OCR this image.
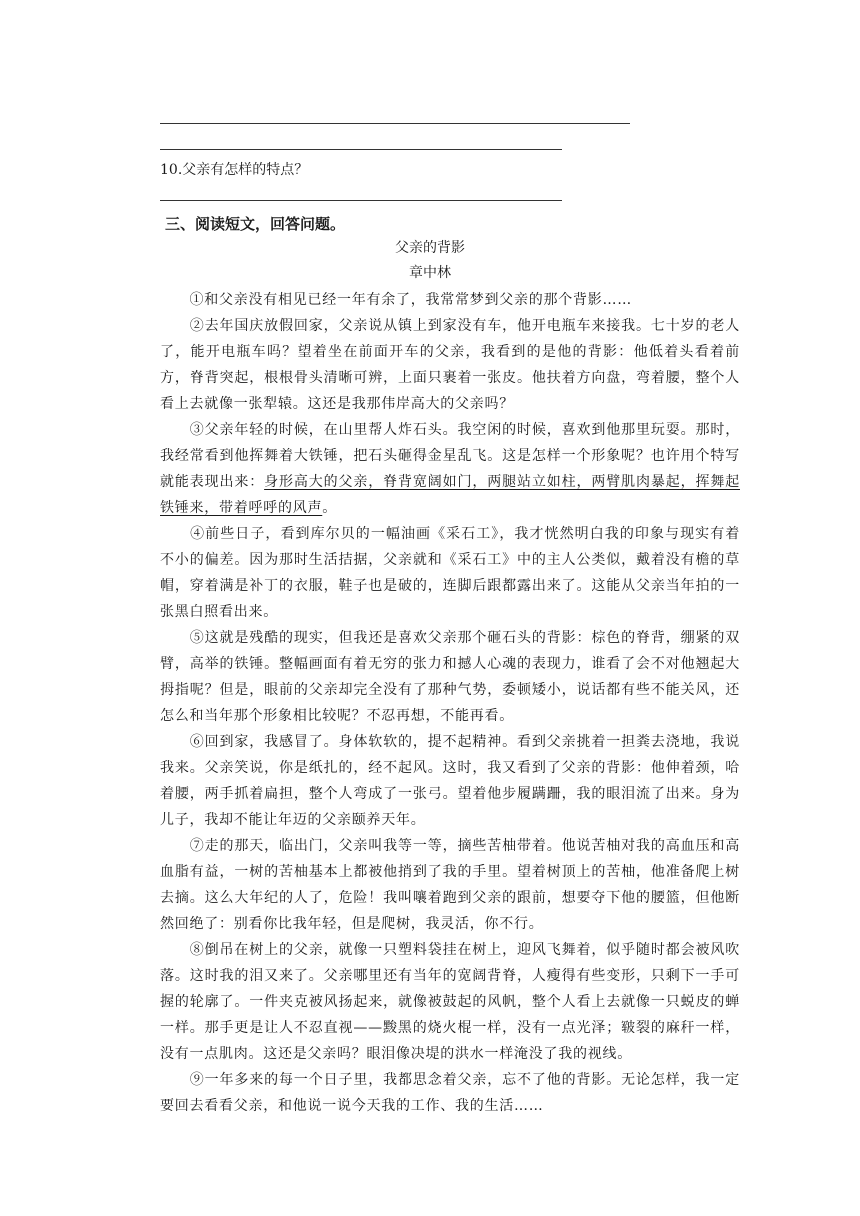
10.父亲有怎样的特点？
三、阅读短文，回答问题。
父亲的背影
章中林

　　①和父亲没有相见已经一年有余了，我常常梦到父亲的那个背影……

　　②去年国庆放假回家，父亲说从镇上到家没有车，他开电瓶车来接我。七十岁的老人了，能开电瓶车吗？望着坐在前面开车的父亲，我看到的是他的背影：他低着头看着前方，脊背突起，根根骨头清晰可辨，上面只裹着一张皮。他扶着方向盘，弯着腰，整个人看上去就像一张犁辕。这还是我那伟岸高大的父亲吗？

　　③父亲年轻的时候，在山里帮人炸石头。我空闲的时候，喜欢到他那里玩耍。那时，我经常看到他挥舞着大铁锤，把石头砸得金星乱飞。这是怎样一个形象呢？也许用个特写就能表现出来：身形高大的父亲，脊背宽阔如门，两腿站立如柱，两臂肌肉暴起，挥舞起铁锤来，带着呼呼的风声。

　　④前些日子，看到库尔贝的一幅油画《采石工》，我才恍然明白我的印象与现实有着不小的偏差。因为那时生活拮据，父亲就和《采石工》中的主人公类似，戴着没有檐的草帽，穿着满是补丁的衣服，鞋子也是破的，连脚后跟都露出来了。这能从父亲当年拍的一张黑白照看出来。

　　⑤这就是残酷的现实，但我还是喜欢父亲那个砸石头的背影：棕色的脊背，绷紧的双臂，高举的铁锤。整幅画面有着无穷的张力和撼人心魂的表现力，谁看了会不对他翘起大拇指呢？但是，眼前的父亲却完全没有了那种气势，委顿矮小，说话都有些不能关风，还怎么和当年那个形象相比较呢？不忍再想，不能再看。

　　⑥回到家，我感冒了。身体软软的，提不起精神。看到父亲挑着一担粪去浇地，我说我来。父亲笑说，你是纸扎的，经不起风。这时，我又看到了父亲的背影：他伸着颈，哈着腰，两手抓着扁担，整个人弯成了一张弓。望着他步履蹒跚，我的眼泪流了出来。身为儿子，我却不能让年迈的父亲颐养天年。

　　⑦走的那天，临出门，父亲叫我等一等，摘些苦柚带着。他说苦柚对我的高血压和高血脂有益，一树的苦柚基本上都被他捎到了我的手里。望着树顶上的苦柚，他准备爬上树去摘。这么大年纪的人了，危险！我叫嚷着跑到父亲的跟前，想要夺下他的腰篮，但他断然回绝了：别看你比我年轻，但是爬树，我灵活，你不行。

　　⑧倒吊在树上的父亲，就像一只塑料袋挂在树上，迎风飞舞着，似乎随时都会被风吹落。这时我的泪又来了。父亲哪里还有当年的宽阔背脊，人瘦得有些变形，只剩下一手可握的轮廓了。一件夹克被风扬起来，就像被鼓起的风帆，整个人看上去就像一只蜕皮的蝉一样。那手更是让人不忍直视——黢黑的烧火棍一样，没有一点光泽；皲裂的麻秆一样，没有一点肌肉。这还是父亲吗？眼泪像决堤的洪水一样淹没了我的视线。

　　⑨一年多来的每一个日子里，我都思念着父亲，忘不了他的背影。无论怎样，我一定要回去看看父亲，和他说一说今天我的工作、我的生活……
